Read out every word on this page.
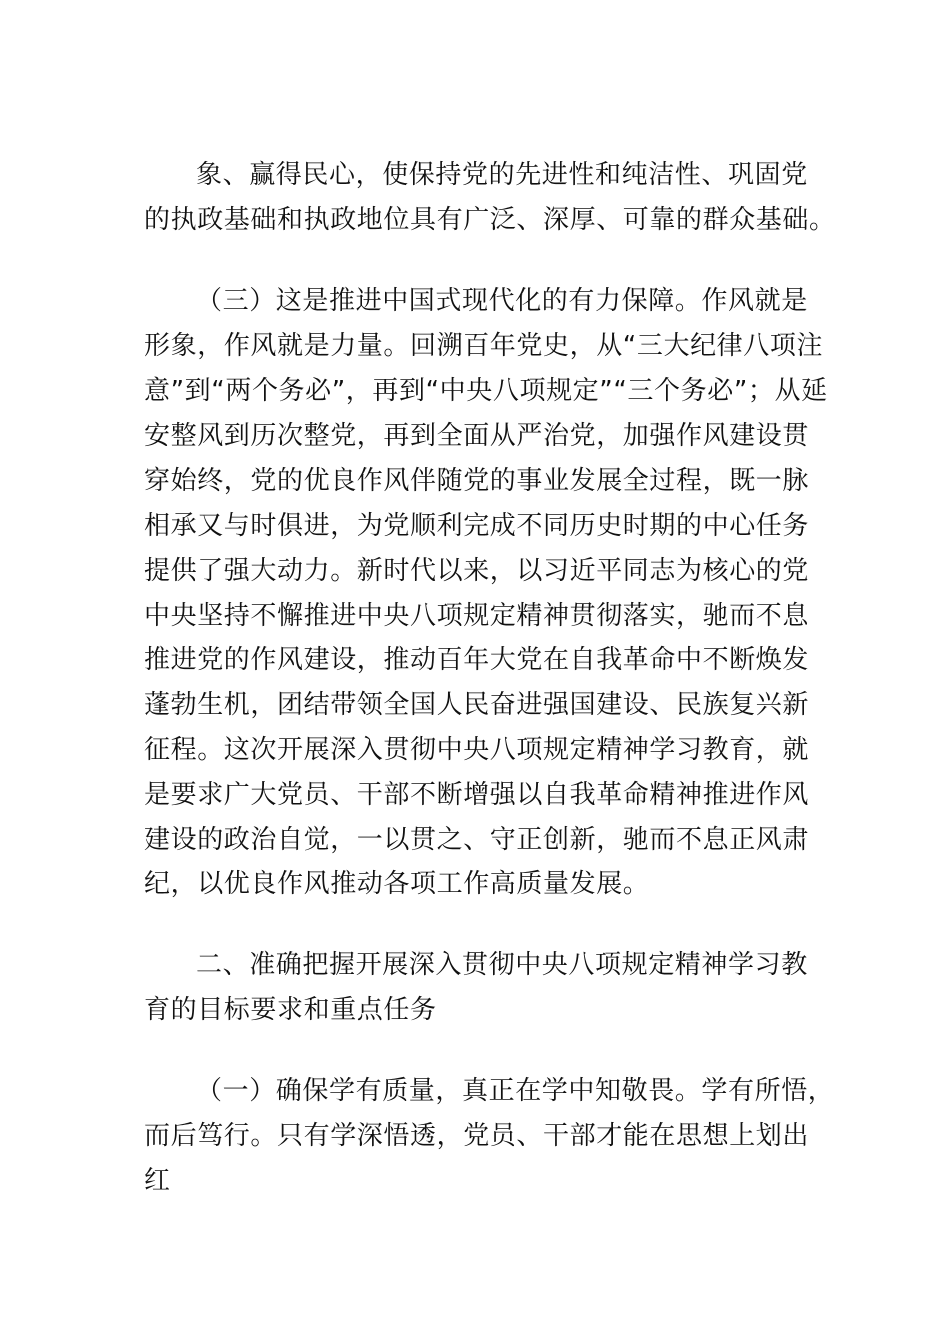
象、赢得民心，使保持党的先进性和纯洁性、巩固党
的执政基础和执政地位具有广泛、深厚、可靠的群众基础。
（三）这是推进中国式现代化的有力保障。作风就是
形象，作风就是力量。回溯百年党史，从“三大纪律八项注
意”到“两个务必”，再到“中央八项规定”“三个务必”；从延
安整风到历次整党，再到全面从严治党，加强作风建设贯
穿始终，党的优良作风伴随党的事业发展全过程，既一脉
相承又与时俱进，为党顺利完成不同历史时期的中心任务
提供了强大动力。新时代以来，以习近平同志为核心的党
中央坚持不懈推进中央八项规定精神贯彻落实，驰而不息
推进党的作风建设，推动百年大党在自我革命中不断焕发
蓬勃生机，团结带领全国人民奋进强国建设、民族复兴新
征程。这次开展深入贯彻中央八项规定精神学习教育，就
是要求广大党员、干部不断增强以自我革命精神推进作风
建设的政治自觉，一以贯之、守正创新，驰而不息正风肃
纪，以优良作风推动各项工作高质量发展。
二、准确把握开展深入贯彻中央八项规定精神学习教
育的目标要求和重点任务
（一）确保学有质量，真正在学中知敬畏。学有所悟，
而后笃行。只有学深悟透，党员、干部才能在思想上划出
红
